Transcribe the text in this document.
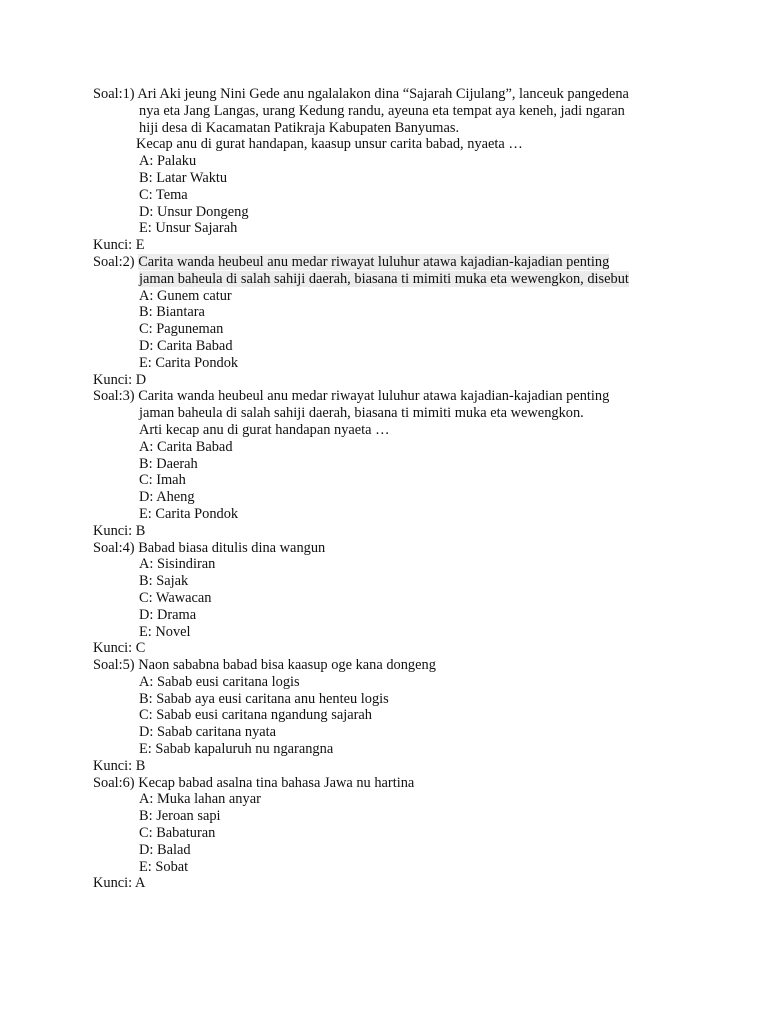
Soal:1) Ari Aki jeung Nini Gede anu ngalalakon dina “Sajarah Cijulang”, lanceuk pangedena
nya eta Jang Langas, urang Kedung randu, ayeuna eta tempat aya keneh, jadi ngaran
hiji desa di Kacamatan Patikraja Kabupaten Banyumas.
Kecap anu di gurat handapan, kaasup unsur carita babad, nyaeta …
A: Palaku
B: Latar Waktu
C: Tema
D: Unsur Dongeng
E: Unsur Sajarah
Kunci: E
Soal:2) Carita wanda heubeul anu medar riwayat luluhur atawa kajadian-kajadian penting
jaman baheula di salah sahiji daerah, biasana ti mimiti muka eta wewengkon, disebut
A: Gunem catur
B: Biantara
C: Paguneman
D: Carita Babad
E: Carita Pondok
Kunci: D
Soal:3) Carita wanda heubeul anu medar riwayat luluhur atawa kajadian-kajadian penting
jaman baheula di salah sahiji daerah, biasana ti mimiti muka eta wewengkon.
Arti kecap anu di gurat handapan nyaeta …
A: Carita Babad
B: Daerah
C: Imah
D: Aheng
E: Carita Pondok
Kunci: B
Soal:4) Babad biasa ditulis dina wangun
A: Sisindiran
B: Sajak
C: Wawacan
D: Drama
E: Novel
Kunci: C
Soal:5) Naon sababna babad bisa kaasup oge kana dongeng
A: Sabab eusi caritana logis
B: Sabab aya eusi caritana anu henteu logis
C: Sabab eusi caritana ngandung sajarah
D: Sabab caritana nyata
E: Sabab kapaluruh nu ngarangna
Kunci: B
Soal:6) Kecap babad asalna tina bahasa Jawa nu hartina
A: Muka lahan anyar
B: Jeroan sapi
C: Babaturan
D: Balad
E: Sobat
Kunci: A
